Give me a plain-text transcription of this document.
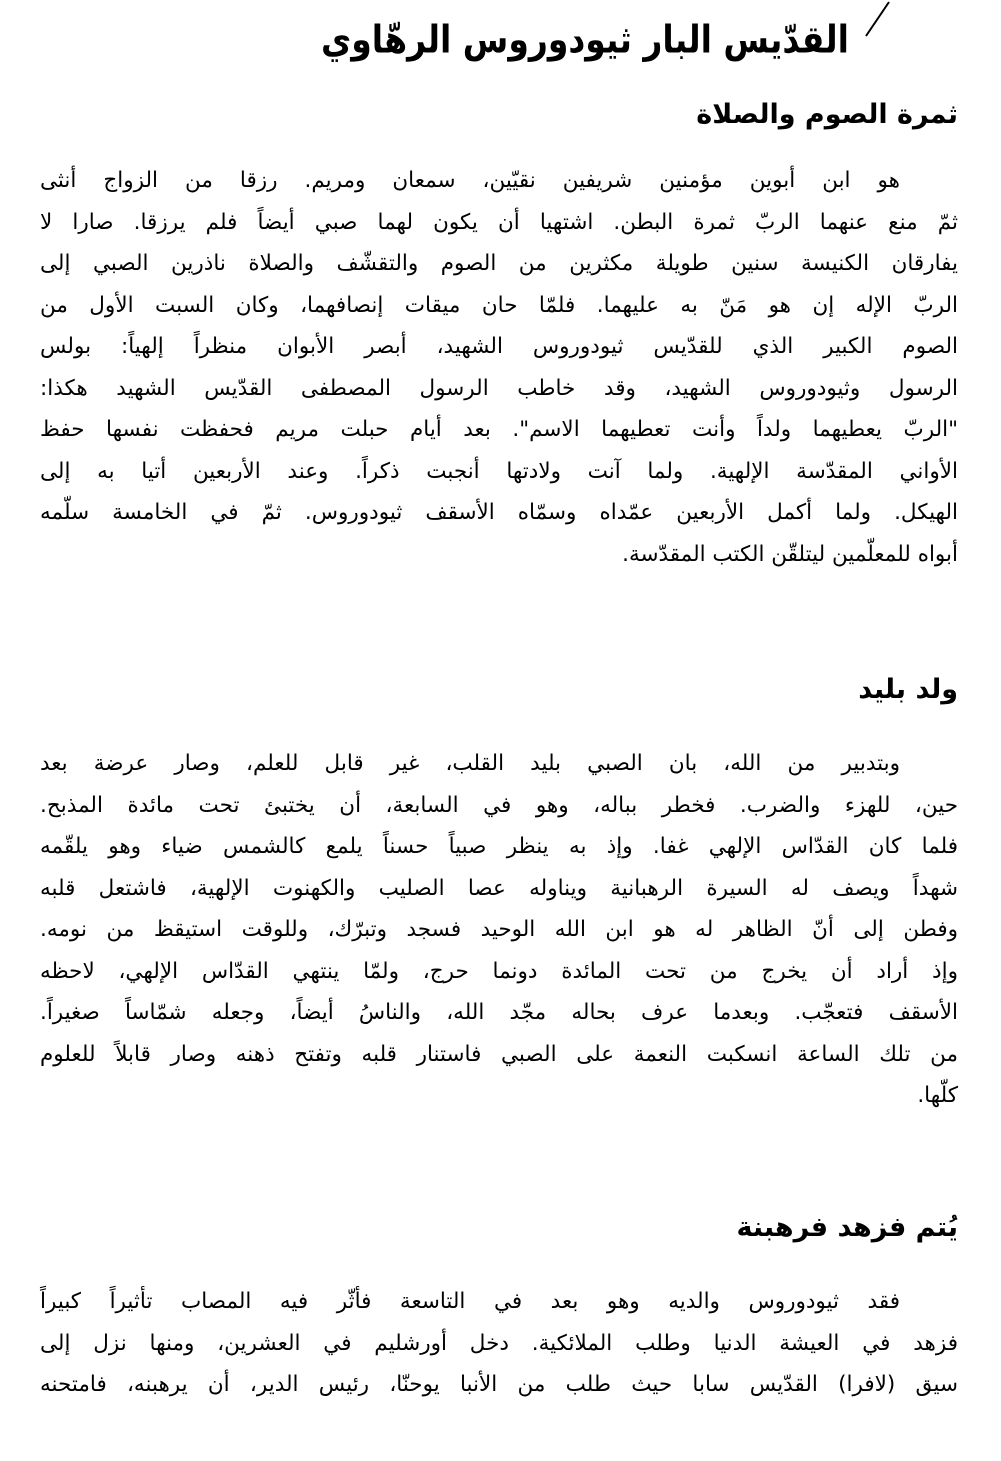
القدّيس البار ثيودوروس الرهّاوي
ثمرة الصوم والصلاة
هو ابن أبوين مؤمنين شريفين نقيّين، سمعان ومريم. رزقا من الزواج أنثى
ثمّ منع عنهما الربّ ثمرة البطن. اشتهيا أن يكون لهما صبي أيضاً فلم يرزقا. صارا لا
يفارقان الكنيسة سنين طويلة مكثرين من الصوم والتقشّف والصلاة ناذرين الصبي إلى
الربّ الإله إن هو مَنّ به عليهما. فلمّا حان ميقات إنصافهما، وكان السبت الأول من
الصوم الكبير الذي للقدّيس ثيودوروس الشهيد، أبصر الأبوان منظراً إلهياً: بولس
الرسول وثيودوروس الشهيد، وقد خاطب الرسول المصطفى القدّيس الشهيد هكذا:
"الربّ يعطيهما ولداً وأنت تعطيهما الاسم". بعد أيام حبلت مريم فحفظت نفسها حفظ
الأواني المقدّسة الإلهية. ولما آنت ولادتها أنجبت ذكراً. وعند الأربعين أتيا به إلى
الهيكل. ولما أكمل الأربعين عمّداه وسمّاه الأسقف ثيودوروس. ثمّ في الخامسة سلّمه
أبواه للمعلّمين ليتلقّن الكتب المقدّسة.
ولد بليد
وبتدبير من الله، بان الصبي بليد القلب، غير قابل للعلم، وصار عرضة بعد
حين، للهزء والضرب. فخطر بباله، وهو في السابعة، أن يختبئ تحت مائدة المذبح.
فلما كان القدّاس الإلهي غفا. وإذ به ينظر صبياً حسناً يلمع كالشمس ضياء وهو يلقّمه
شهداً ويصف له السيرة الرهبانية ويناوله عصا الصليب والكهنوت الإلهية، فاشتعل قلبه
وفطن إلى أنّ الظاهر له هو ابن الله الوحيد فسجد وتبرّك، وللوقت استيقظ من نومه.
وإذ أراد أن يخرج من تحت المائدة دونما حرج، ولمّا ينتهي القدّاس الإلهي، لاحظه
الأسقف فتعجّب. وبعدما عرف بحاله مجّد الله، والناسُ أيضاً، وجعله شمّاساً صغيراً.
من تلك الساعة انسكبت النعمة على الصبي فاستنار قلبه وتفتح ذهنه وصار قابلاً للعلوم
كلّها.
يُتم فزهد فرهبنة
فقد ثيودوروس والديه وهو بعد في التاسعة فأثّر فيه المصاب تأثيراً كبيراً
فزهد في العيشة الدنيا وطلب الملائكية. دخل أورشليم في العشرين، ومنها نزل إلى
سيق (لافرا) القدّيس سابا حيث طلب من الأنبا يوحنّا، رئيس الدير، أن يرهبنه، فامتحنه
